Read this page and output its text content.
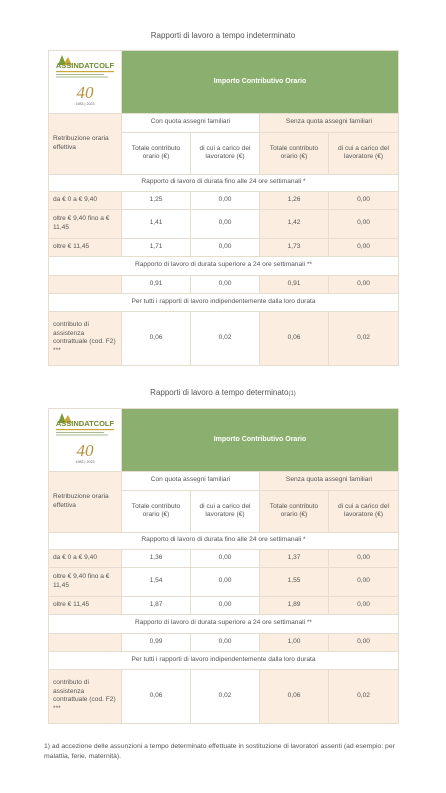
Rapporti di lavoro a tempo indeterminato
ASSINDATCOLF
40
1983 | 2023	Importo Contributivo Orario			
Retribuzione oraria effettiva	Con quota assegni familiari		Senza quota assegni familiari	
	Totale contributo orario (€)	di cui a carico del lavoratore (€)	Totale contributo orario (€)	di cui a carico del lavoratore (€)
Rapporto di lavoro di durata fino alle 24 ore settimanali *				
da € 0 a € 9,40	1,25	0,00	1,26	0,00
oltre € 9,40 fino a € 11,45	1,41	0,00	1,42	0,00
oltre € 11,45	1,71	0,00	1,73	0,00
Rapporto di lavoro di durata superiore a 24 ore settimanali **				
	0,91	0,00	0,91	0,00
Per tutti i rapporti di lavoro indipendentemente dalla loro durata				
contributo di assistenza contrattuale (cod. F2) ***	0,06	0,02	0,06	0,02
Rapporti di lavoro a tempo determinato(1)
ASSINDATCOLF
40
1983 | 2023	Importo Contributivo Orario			
Retribuzione oraria effettiva	Con quota assegni familiari		Senza quota assegni familiari	
	Totale contributo orario (€)	di cui a carico del lavoratore (€)	Totale contributo orario (€)	di cui a carico del lavoratore (€)
Rapporto di lavoro di durata fino alle 24 ore settimanali *				
da € 0 a € 9,40	1,36	0,00	1,37	0,00
oltre € 9,40 fino a € 11,45	1,54	0,00	1,55	0,00
oltre € 11,45	1,87	0,00	1,89	0,00
Rapporto di lavoro di durata superiore a 24 ore settimanali **				
	0,99	0,00	1,00	0,00
Per tutti i rapporti di lavoro indipendentemente dalla loro durata				
contributo di assistenza contrattuale (cod. F2) ***	0,06	0,02	0,06	0,02
1) ad accezione delle assunzioni a tempo determinato effettuate in sostituzione di lavoratori assenti (ad esempio: per malattia, ferie, maternità).
